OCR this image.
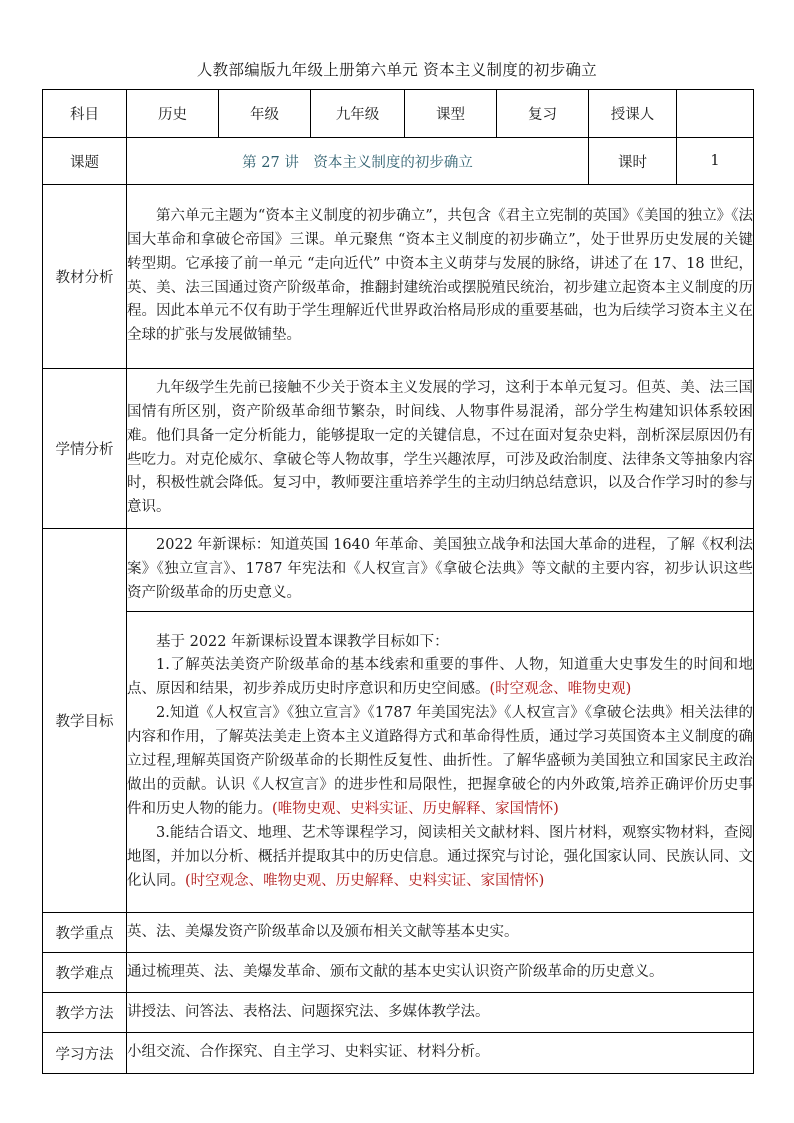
人教部编版九年级上册第六单元 资本主义制度的初步确立
科目	历史	年级	九年级	课型	复习	授课人	
课题	第 27 讲　资本主义制度的初步确立					课时	1
教材分析	第六单元主题为“资本主义制度的初步确立”，共包含《君主立宪制的英国》《美国的独立》《法国大革命和拿破仑帝国》三课。单元聚焦 “资本主义制度的初步确立”，处于世界历史发展的关键转型期。它承接了前一单元 “走向近代” 中资本主义萌芽与发展的脉络，讲述了在 17、18 世纪，英、美、法三国通过资产阶级革命，推翻封建统治或摆脱殖民统治，初步建立起资本主义制度的历程。因此本单元不仅有助于学生理解近代世界政治格局形成的重要基础，也为后续学习资本主义在全球的扩张与发展做铺垫。						

学情分析	九年级学生先前已接触不少关于资本主义发展的学习，这利于本单元复习。但英、美、法三国国情有所区别，资产阶级革命细节繁杂，时间线、人物事件易混淆，部分学生构建知识体系较困难。他们具备一定分析能力，能够提取一定的关键信息，不过在面对复杂史料，剖析深层原因仍有些吃力。对克伦威尔、拿破仑等人物故事，学生兴趣浓厚，可涉及政治制度、法律条文等抽象内容时，积极性就会降低。复习中，教师要注重培养学生的主动归纳总结意识，以及合作学习时的参与意识。						

教学目标	2022 年新课标：知道英国 1640 年革命、美国独立战争和法国大革命的进程，了解《权利法案》《独立宣言》、1787 年宪法和《人权宣言》《拿破仑法典》等文献的主要内容，初步认识这些资产阶级革命的历史意义。						

	基于 2022 年新课标设置本课教学目标如下：

1.了解英法美资产阶级革命的基本线索和重要的事件、人物，知道重大史事发生的时间和地点、原因和结果，初步养成历史时序意识和历史空间感。(时空观念、唯物史观)

2.知道《人权宣言》《独立宣言》《1787 年美国宪法》《人权宣言》《拿破仑法典》相关法律的内容和作用，了解英法美走上资本主义道路得方式和革命得性质，通过学习英国资本主义制度的确立过程,理解英国资产阶级革命的长期性反复性、曲折性。了解华盛顿为美国独立和国家民主政治做出的贡献。认识《人权宣言》的进步性和局限性，把握拿破仑的内外政策,培养正确评价历史事件和历史人物的能力。(唯物史观、史料实证、历史解释、家国情怀)

3.能结合语文、地理、艺术等课程学习，阅读相关文献材料、图片材料，观察实物材料，查阅地图，并加以分析、概括并提取其中的历史信息。通过探究与讨论，强化国家认同、民族认同、文化认同。(时空观念、唯物史观、历史解释、史料实证、家国情怀)						

教学重点	英、法、美爆发资产阶级革命以及颁布相关文献等基本史实。						
教学难点	通过梳理英、法、美爆发革命、颁布文献的基本史实认识资产阶级革命的历史意义。						
教学方法	讲授法、问答法、表格法、问题探究法、多媒体教学法。						
学习方法	小组交流、合作探究、自主学习、史料实证、材料分析。						
